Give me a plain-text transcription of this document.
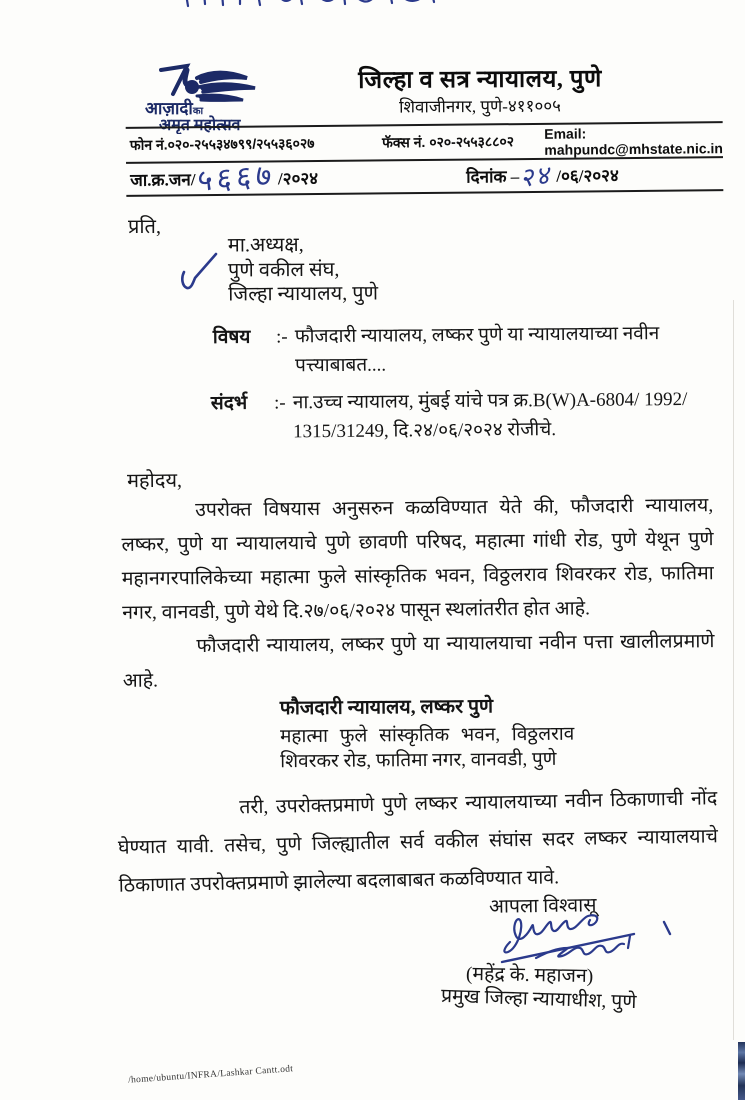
आज़ादीका
अमृत महोत्सव
जिल्हा व सत्र न्यायालय, पुणे
शिवाजीनगर, पुणे-४११००५
फोन नं.०२०-२५५३४७९९/२५५३६०२७	फॅक्स नं. ०२०-२५५३८८०२	Email: mahpundc@mhstate.nic.in
जा.क्र.जन/ ५६६७ /२०२४	दिनांक – २४ /०६/२०२४
प्रति,
मा.अध्यक्ष,
पुणे वकील संघ,
जिल्हा न्यायालय, पुणे
विषय	:- फौजदारी न्यायालय, लष्कर पुणे या न्यायालयाच्या नवीन पत्त्याबाबत....
संदर्भ	:- ना.उच्च न्यायालय, मुंबई यांचे पत्र क्र.B(W)A-6804/ 1992/ 1315/31249, दि.२४/०६/२०२४ रोजीचे.
महोदय,

उपरोक्त विषयास अनुसरुन कळविण्यात येते की, फौजदारी न्यायालय, लष्कर, पुणे या न्यायालयाचे पुणे छावणी परिषद, महात्मा गांधी रोड, पुणे येथून पुणे महानगरपालिकेच्या महात्मा फुले सांस्कृतिक भवन, विठ्ठलराव शिवरकर रोड, फातिमा नगर, वानवडी, पुणे येथे दि.२७/०६/२०२४ पासून स्थलांतरीत होत आहे.

फौजदारी न्यायालय, लष्कर पुणे या न्यायालयाचा नवीन पत्ता खालीलप्रमाणे आहे.

फौजदारी न्यायालय, लष्कर पुणे
महात्मा फुले सांस्कृतिक भवन, विठ्ठलराव
शिवरकर रोड, फातिमा नगर, वानवडी, पुणे

तरी, उपरोक्तप्रमाणे पुणे लष्कर न्यायालयाच्या नवीन ठिकाणाची नोंद घेण्यात यावी. तसेच, पुणे जिल्ह्यातील सर्व वकील संघांस सदर लष्कर न्यायालयाचे ठिकाणात उपरोक्तप्रमाणे झालेल्या बदलाबाबत कळविण्यात यावे.

आपला विश्वासू
(महेंद्र के. महाजन)
प्रमुख जिल्हा न्यायाधीश, पुणे
/home/ubuntu/INFRA/Lashkar Cantt.odt
